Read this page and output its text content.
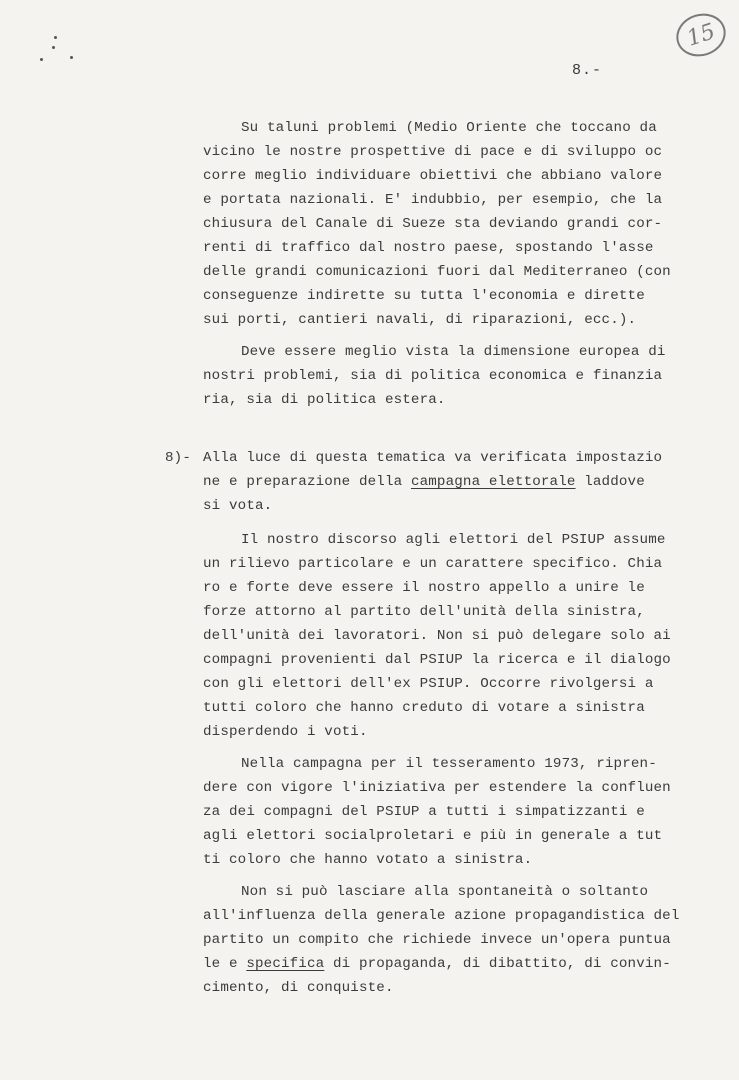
15
8.-
Su taluni problemi (Medio Oriente che toccano da
vicino le nostre prospettive di pace e di sviluppo oc
corre meglio individuare obiettivi che abbiano valore
e portata nazionali. E' indubbio, per esempio, che la
chiusura del Canale di Sueze sta deviando grandi cor-
renti di traffico dal nostro paese, spostando l'asse
delle grandi comunicazioni fuori dal Mediterraneo (con
conseguenze indirette su tutta l'economia e dirette
sui porti, cantieri navali, di riparazioni, ecc.).
Deve essere meglio vista la dimensione europea di
nostri problemi, sia di politica economica e finanzia
ria, sia di politica estera.
8)- Alla luce di questa tematica va verificata impostazio
ne e preparazione della campagna elettorale laddove
si vota.
Il nostro discorso agli elettori del PSIUP assume
un rilievo particolare e un carattere specifico. Chia
ro e forte deve essere il nostro appello a unire le
forze attorno al partito dell'unità della sinistra,
dell'unità dei lavoratori. Non si può delegare solo ai
compagni provenienti dal PSIUP la ricerca e il dialogo
con gli elettori dell'ex PSIUP. Occorre rivolgersi a
tutti coloro che hanno creduto di votare a sinistra
disperdendo i voti.
Nella campagna per il tesseramento 1973, ripren-
dere con vigore l'iniziativa per estendere la confluen
za dei compagni del PSIUP a tutti i simpatizzanti e
agli elettori socialproletari e più in generale a tut
ti coloro che hanno votato a sinistra.
Non si può lasciare alla spontaneità o soltanto
all'influenza della generale azione propagandistica del
partito un compito che richiede invece un'opera puntua
le e specifica di propaganda, di dibattito, di convin-
cimento, di conquiste.
